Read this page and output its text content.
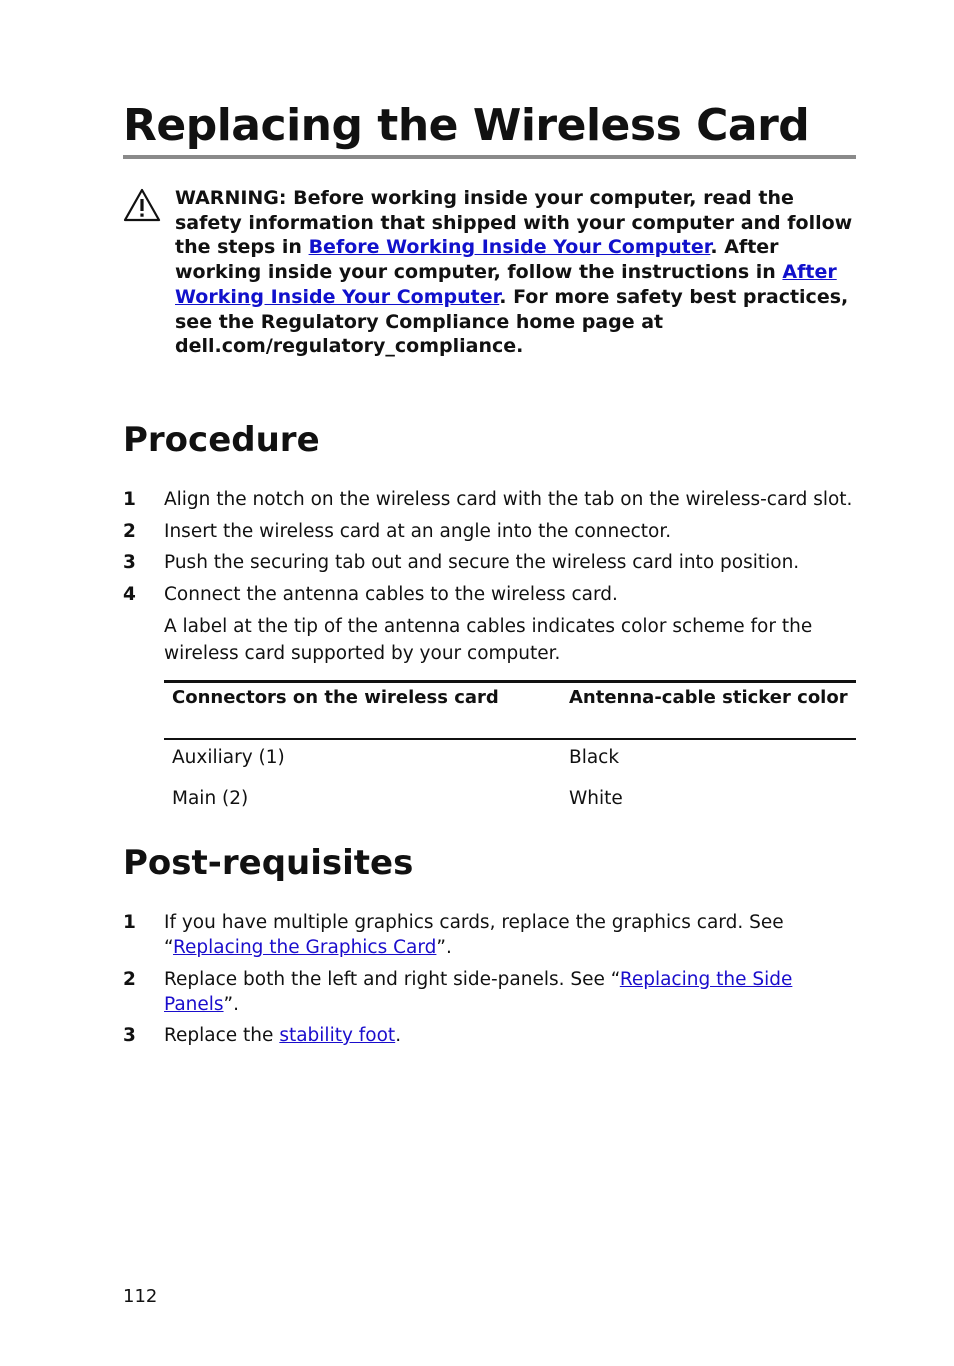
Replacing the Wireless Card
WARNING: Before working inside your computer, read the safety information that shipped with your computer and follow the steps in Before Working Inside Your Computer. After working inside your computer, follow the instructions in After Working Inside Your Computer. For more safety best practices, see the Regulatory Compliance home page at dell.com/regulatory_compliance.
Procedure
1 Align the notch on the wireless card with the tab on the wireless-card slot.
2 Insert the wireless card at an angle into the connector.
3 Push the securing tab out and secure the wireless card into position.
4 Connect the antenna cables to the wireless card.
A label at the tip of the antenna cables indicates color scheme for the wireless card supported by your computer.
Connectors on the wireless card	Antenna-cable sticker color
Auxiliary (1)	Black
Main (2)	White
Post-requisites
1 If you have multiple graphics cards, replace the graphics card. See “Replacing the Graphics Card”.
2 Replace both the left and right side-panels. See “Replacing the Side Panels”.
3 Replace the stability foot.
112
